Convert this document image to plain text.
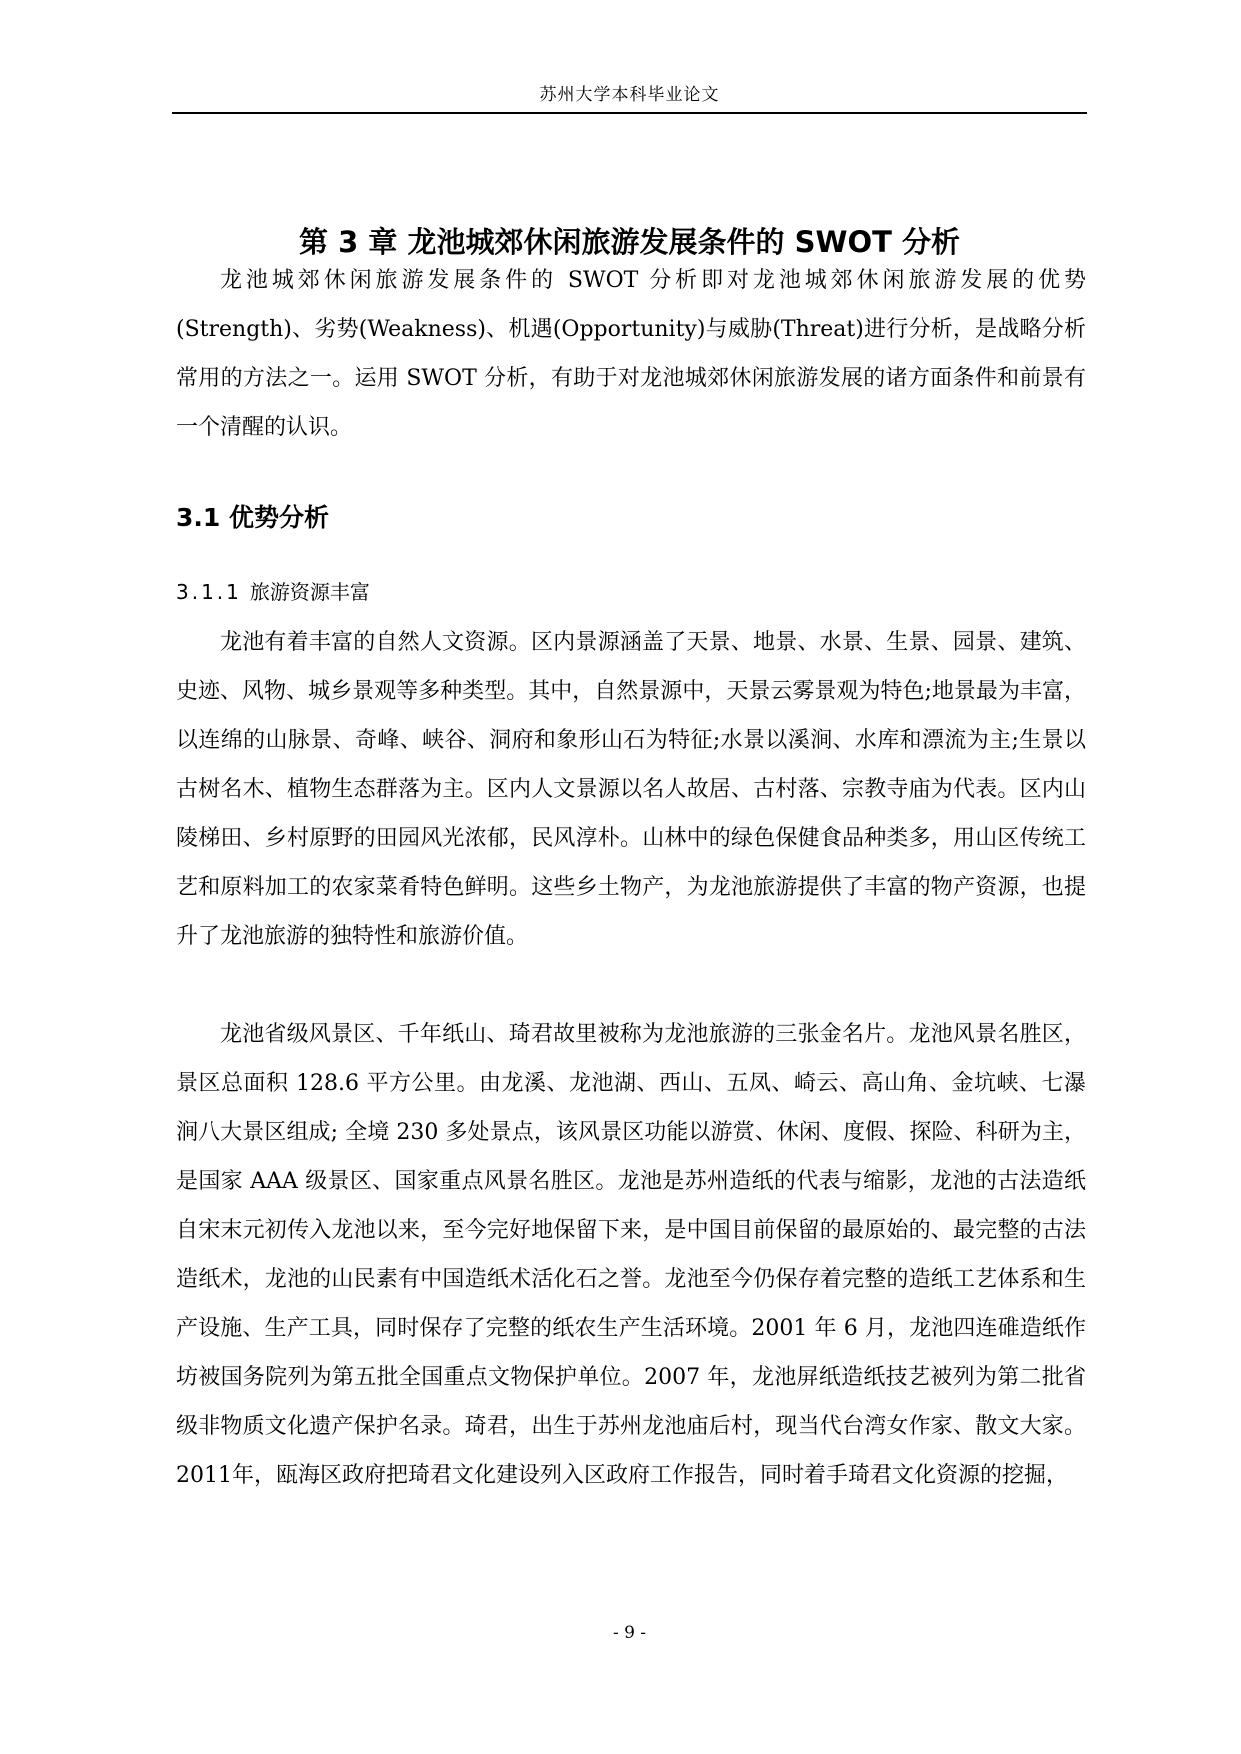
苏州大学本科毕业论文
第 3 章 龙池城郊休闲旅游发展条件的 SWOT 分析

龙池城郊休闲旅游发展条件的 SWOT 分析即对龙池城郊休闲旅游发展的优势(Strength)、劣势(Weakness)、机遇(Opportunity)与威胁(Threat)进行分析，是战略分析常用的方法之一。运用 SWOT 分析，有助于对龙池城郊休闲旅游发展的诸方面条件和前景有一个清醒的认识。

3.1 优势分析
3.1.1 旅游资源丰富

龙池有着丰富的自然人文资源。区内景源涵盖了天景、地景、水景、生景、园景、建筑、史迹、风物、城乡景观等多种类型。其中，自然景源中，天景云雾景观为特色;地景最为丰富，以连绵的山脉景、奇峰、峡谷、洞府和象形山石为特征;水景以溪涧、水库和漂流为主;生景以古树名木、植物生态群落为主。区内人文景源以名人故居、古村落、宗教寺庙为代表。区内山陵梯田、乡村原野的田园风光浓郁，民风淳朴。山林中的绿色保健食品种类多，用山区传统工艺和原料加工的农家菜肴特色鲜明。这些乡土物产，为龙池旅游提供了丰富的物产资源，也提升了龙池旅游的独特性和旅游价值。

龙池省级风景区、千年纸山、琦君故里被称为龙池旅游的三张金名片。龙池风景名胜区，景区总面积 128.6 平方公里。由龙溪、龙池湖、西山、五凤、崎云、高山角、金坑峡、七瀑涧八大景区组成; 全境 230 多处景点，该风景区功能以游赏、休闲、度假、探险、科研为主，是国家 AAA 级景区、国家重点风景名胜区。龙池是苏州造纸的代表与缩影，龙池的古法造纸自宋末元初传入龙池以来，至今完好地保留下来，是中国目前保留的最原始的、最完整的古法造纸术，龙池的山民素有中国造纸术活化石之誉。龙池至今仍保存着完整的造纸工艺体系和生产设施、生产工具，同时保存了完整的纸农生产生活环境。2001 年 6 月，龙池四连碓造纸作坊被国务院列为第五批全国重点文物保护单位。2007 年，龙池屏纸造纸技艺被列为第二批省级非物质文化遗产保护名录。琦君，出生于苏州龙池庙后村，现当代台湾女作家、散文大家。2011年，瓯海区政府把琦君文化建设列入区政府工作报告，同时着手琦君文化资源的挖掘，

- 9 -
